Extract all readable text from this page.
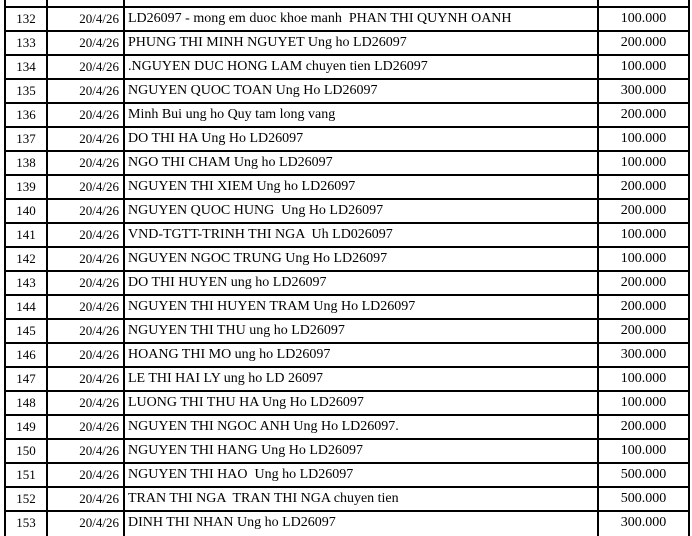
132	20/4/26 LD26097 - mong em duoc khoe manh  PHAN THI QUYNH OANH	100.000
133	20/4/26 PHUNG THI MINH NGUYET Ung ho LD26097	200.000
134	20/4/26 .NGUYEN DUC HONG LAM chuyen tien LD26097	100.000
135	20/4/26 NGUYEN QUOC TOAN Ung Ho LD26097	300.000
136	20/4/26 Minh Bui ung ho Quy tam long vang	200.000
137	20/4/26 DO THI HA Ung Ho LD26097	100.000
138	20/4/26 NGO THI CHAM Ung ho LD26097	100.000
139	20/4/26 NGUYEN THI XIEM Ung ho LD26097	200.000
140	20/4/26 NGUYEN QUOC HUNG  Ung Ho LD26097	200.000
141	20/4/26 VND-TGTT-TRINH THI NGA  Uh LD026097	100.000
142	20/4/26 NGUYEN NGOC TRUNG Ung Ho LD26097	100.000
143	20/4/26 DO THI HUYEN ung ho LD26097	200.000
144	20/4/26 NGUYEN THI HUYEN TRAM Ung Ho LD26097	200.000
145	20/4/26 NGUYEN THI THU ung ho LD26097	200.000
146	20/4/26 HOANG THI MO ung ho LD26097	300.000
147	20/4/26 LE THI HAI LY ung ho LD 26097	100.000
148	20/4/26 LUONG THI THU HA Ung Ho LD26097	100.000
149	20/4/26 NGUYEN THI NGOC ANH Ung Ho LD26097.	200.000
150	20/4/26 NGUYEN THI HANG Ung Ho LD26097	100.000
151	20/4/26 NGUYEN THI HAO  Ung ho LD26097	500.000
152	20/4/26 TRAN THI NGA  TRAN THI NGA chuyen tien	500.000
153	20/4/26 DINH THI NHAN Ung ho LD26097	300.000
